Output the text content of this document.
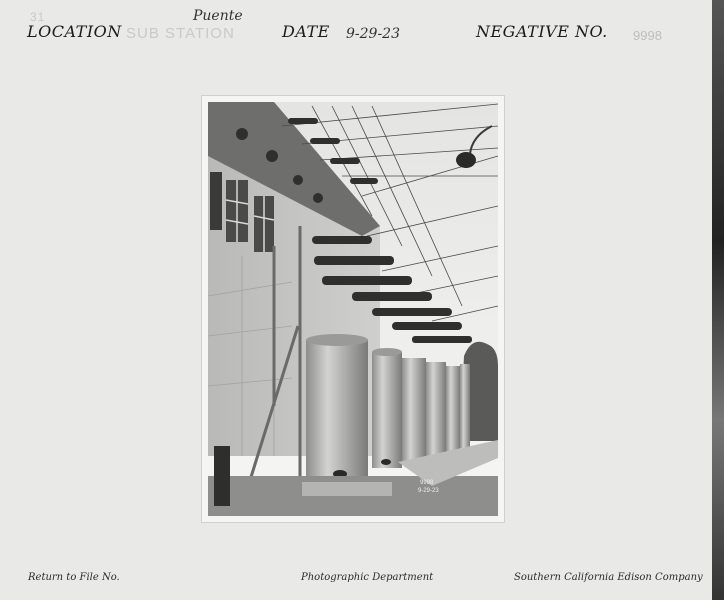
31
LOCATION
Puente
SUB STATION	DATE 9-29-23	NEGATIVE NO. 9998
9998
9-29-23
Return to File No.	Photographic Department	Southern California Edison Company
